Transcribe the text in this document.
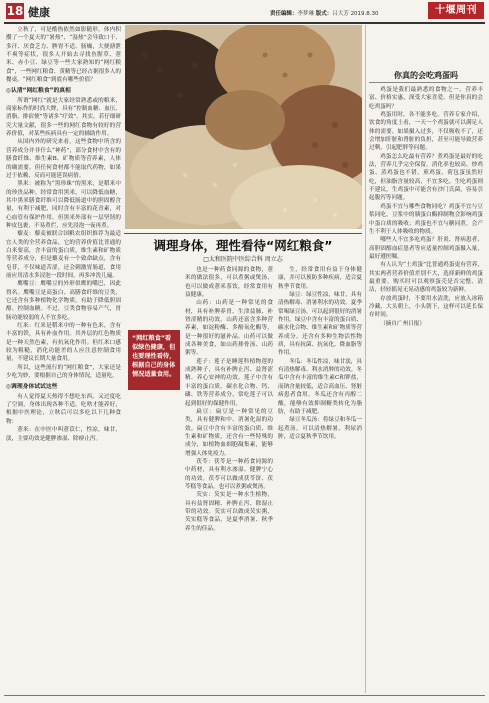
18 健康	责任编辑：李梦琳 版式：吕大芳 2019.8.30	十堰周刊

立秋了，可是酷热依然如影随形，体内积攒了一个夏天的“暑热”、“湿热”会导致口干、多汗、厌食乏力、脾胃不适、肠燥，大便溏泄不爽等症状，很多人开始去寻找鱼腥草、薏米、赤小豆、绿豆等一些大家熟知的“网红粮食”，一些网红粮食、黄精等已经占据很多人的餐桌。“网红粮食”到底有哪些价值？

◎认清“网红粮食”的真相

所谓“网红”就是大家经常熟悉或的粮米，商家标作的时尚大牌，具有“控制血糖、血压、消脂、排宿便”等诸多“疗效”。其实，若仔细研究大量文献，很多一些的网红食物有较好的营养价值，对某些疾病具有一定的辅助作用。

从国内外的研究来看，这些食物中所含的营养成分并非什么“神药”，部分食材中含有的膳食纤维、维生素B、矿物质等营养素，人体的确需要。但任何食材都不能取代药物，如果过于依赖，反而可能延误病情。

黑米：被称为“黑珍珠”的黑米，是稻米中的珍贵品种。经常食用黑米，可以降低血糖，其中黑米膳食纤维可以降低肠道中的胆固醇含量，有利于减肥，同时含有丰富的花青素，对心血管有保护作用，但黑米外部有一层坚韧的种皮包裹，不易煮烂，应先浸泡一夜再煮。

藜麦：藜麦被联合国粮农组织推荐为最适宜人类的全营养食品，它的营养价值比普通的白米要高，含丰富的蛋白质，维生素和矿物质等营养成分，但是藜麦有一个致命缺点，含有皂苷，不仅味道苦涩，还会刺激胃肠道，食用前应用清水多浸泡一段时间，再多冲洗几遍。

鹰嘴豆：鹰嘴豆的外形似鹰的嘴巴，因此得名。鹰嘴豆是高蛋白、高膳食纤维的豆类，它还含有多种植物化学物质，有助于降低胆固醇、控制血糖。不过，豆类食物容易产气，胃肠功能较弱的人不宜多吃。

红米：红米是稻米中的一种有色米，含有丰富的铁，具有补血作用。其外层的红色物质是一种天然色素，有抗氧化作用。但红米口感较为粗糙，消化功能差的人应注意控制食用量，不建议长期大量食用。

所以，这些流行的“网红粮食”，大家还是少吃为妙，要根据自己的身体情况，适量吃。

◎调理身体试试这些

有人觉得夏天热得不想吃东西，又过度吃了空调，身体出现各种不适，吃啥才能养好，根据中医理论，立秋后可以多吃以下几种食物：

薏米：在中医中叫薏苡仁，性凉，味甘、淡，主要功效是健脾渗湿、除痹止泻。

调理身体，理性看待“网红粮食”
□太和医院中医综合科 周立志

也是一种药食同源的食物，薏米的做法很多，可以煮粥或煲汤，也可以做成薏米茶饮，经常食用有益健康。

山药：山药是一种常见的食材，具有补脾养胃、生津益肺、补肾涩精的功效。山药还富含多种营养素，如淀粉酶、多酚氧化酶等，是一种很好的滋补品。山药可以做成各种美食，如山药排骨汤、山药粥等。

莲子：莲子是睡莲科植物莲的成熟种子，具有补脾止泻、益肾涩精、养心安神的功效。莲子中含有丰富的蛋白质、碳水化合物、钙、磷、铁等营养成分，常吃莲子可以起到很好的保健作用。

扁豆：扁豆是一种常见的豆类，具有健脾和中、消暑化湿的功效。扁豆中含有丰富的蛋白质、维生素和矿物质，还含有一些特殊的成分，如植物血细胞凝集素，能够增强人体免疫力。

茯苓：茯苓是一种药食同源的中药材，具有利水渗湿、健脾宁心的功效。茯苓可以做成茯苓饼、茯苓糕等食品，也可以煮粥或煲汤。

芡实：芡实是一种水生植物，具有益肾固精、补脾止泻、除湿止带的功效。芡实可以做成芡实粥、芡实糕等食品，是夏季消暑、秋季养生的佳品。

“网红粮食”看似绿色健康，但也要理性看待，根据自己的身体情况适量食用。

生，经常食用有益于身体健康，并可以预防多种疾病，适合夏秋季节食用。

绿豆：绿豆性凉，味甘，具有清热解毒、消暑利水的功效。夏季常喝绿豆汤，可以起到很好的消暑作用。绿豆中含有丰富的蛋白质、碳水化合物、维生素和矿物质等营养成分，还含有多种生物活性物质，具有抗菌、抗氧化、降血脂等作用。

冬瓜：冬瓜性凉，味甘淡，具有清热解毒、利水消肿的功效。冬瓜中含有丰富的维生素C和钾盐，而钠含量较低，适合高血压、肾脏病患者食用。冬瓜还含有丙醇二酸，能够有效抑制糖类转化为脂肪，有助于减肥。

绿豆冬瓜汤：将绿豆和冬瓜一起煮汤，可以清热解暑、利尿消肿，适合夏秋季节饮用。

你真的会吃鸡蛋吗

鸡蛋是我们最熟悉的食物之一，营养丰富、价格实惠，深受大家喜爱。但是你真的会吃鸡蛋吗？

鸡蛋用时，各不能多吃。营养专家介绍，饮食的角度上看，一天一个鸡蛋就可以满足人体的需要。如果摄入过多，不仅吸收不了，还会增加肝脏和肾脏的负担，甚至可能导致营养过剩，引起肥胖等问题。

鸡蛋怎么吃最有营养？煮鸡蛋是最好的吃法，营养几乎完全保留，消化率也较高。炒鸡蛋、蒸鸡蛋也不错。煎鸡蛋、荷包蛋虽然好吃，但油脂含量较高，不宜多吃。生吃鸡蛋则不建议，生鸡蛋中可能含有沙门氏菌，容易引起腹泻等问题。

鸡蛋不宜与哪些食物同吃？鸡蛋不宜与豆浆同吃，豆浆中的胰蛋白酶抑制物会影响鸡蛋中蛋白质的吸收；鸡蛋也不宜与糖同煮，会产生不利于人体吸收的物质。

哪些人不宜多吃鸡蛋？肝炎、肾病患者、高胆固醇血症患者等应适量控制鸡蛋摄入量，最好遵医嘱。

有人认为“土鸡蛋”比普通鸡蛋更有营养，其实两者营养价值差别不大，选择新鲜的鸡蛋最重要。购买时可以观察蛋壳是否完整、清洁，轻轻摇晃无晃动感的鸡蛋较为新鲜。

存放鸡蛋时，不要用水清洗，应放入冰箱冷藏，大头朝上，小头朝下，这样可以延长保存时间。

（摘自广州日报）
